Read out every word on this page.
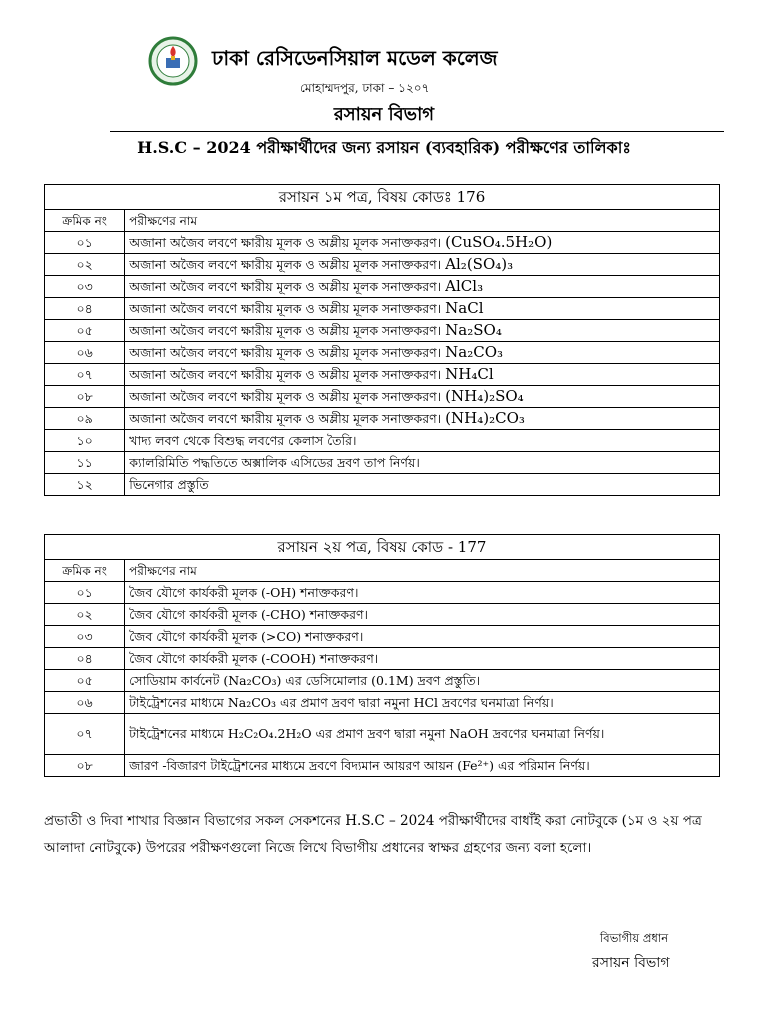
ঢাকা রেসিডেনসিয়াল মডেল কলেজ
মোহাম্মদপুর, ঢাকা – ১২০৭
রসায়ন বিভাগ
H.S.C – 2024 পরীক্ষার্থীদের জন্য রসায়ন (ব্যবহারিক) পরীক্ষণের তালিকাঃ
রসায়ন ১ম পত্র, বিষয় কোডঃ 176	
ক্রমিক নং	পরীক্ষণের নাম
০১	অজানা অজৈব লবণে ক্ষারীয় মূলক ও অম্লীয় মূলক সনাক্তকরণ। (CuSO₄.5H₂O)
০২	অজানা অজৈব লবণে ক্ষারীয় মূলক ও অম্লীয় মূলক সনাক্তকরণ। Al₂(SO₄)₃
০৩	অজানা অজৈব লবণে ক্ষারীয় মূলক ও অম্লীয় মূলক সনাক্তকরণ। AlCl₃
০৪	অজানা অজৈব লবণে ক্ষারীয় মূলক ও অম্লীয় মূলক সনাক্তকরণ। NaCl
০৫	অজানা অজৈব লবণে ক্ষারীয় মূলক ও অম্লীয় মূলক সনাক্তকরণ। Na₂SO₄
০৬	অজানা অজৈব লবণে ক্ষারীয় মূলক ও অম্লীয় মূলক সনাক্তকরণ। Na₂CO₃
০৭	অজানা অজৈব লবণে ক্ষারীয় মূলক ও অম্লীয় মূলক সনাক্তকরণ। NH₄Cl
০৮	অজানা অজৈব লবণে ক্ষারীয় মূলক ও অম্লীয় মূলক সনাক্তকরণ। (NH₄)₂SO₄
০৯	অজানা অজৈব লবণে ক্ষারীয় মূলক ও অম্লীয় মূলক সনাক্তকরণ। (NH₄)₂CO₃
১০	খাদ্য লবণ থেকে বিশুদ্ধ লবণের কেলাস তৈরি।
১১	ক্যালরিমিতি পদ্ধতিতে অক্সালিক এসিডের দ্রবণ তাপ নির্ণয়।
১২	ভিনেগার প্রস্তুতি
রসায়ন ২য় পত্র, বিষয় কোড - 177	
ক্রমিক নং	পরীক্ষণের নাম
০১	জৈব যৌগে কার্যকরী মূলক (-OH) শনাক্তকরণ।
০২	জৈব যৌগে কার্যকরী মূলক (-CHO) শনাক্তকরণ।
০৩	জৈব যৌগে কার্যকরী মূলক (>CO) শনাক্তকরণ।
০৪	জৈব যৌগে কার্যকরী মূলক (-COOH) শনাক্তকরণ।
০৫	সোডিয়াম কার্বনেট (Na₂CO₃) এর ডেসিমোলার (0.1M) দ্রবণ প্রস্তুতি।
০৬	টাইট্রেশনের মাধ্যমে Na₂CO₃ এর প্রমাণ দ্রবণ দ্বারা নমুনা HCl দ্রবণের ঘনমাত্রা নির্ণয়।
০৭	টাইট্রেশনের মাধ্যমে H₂C₂O₄.2H₂O এর প্রমাণ দ্রবণ দ্বারা নমুনা NaOH দ্রবণের ঘনমাত্রা নির্ণয়।
০৮	জারণ -বিজারণ টাইট্রেশনের মাধ্যমে দ্রবণে বিদ্যমান আয়রণ আয়ন (Fe²⁺) এর পরিমান নির্ণয়।
প্রভাতী ও দিবা শাখার বিজ্ঞান বিভাগের সকল সেকশনের H.S.C – 2024 পরীক্ষার্থীদের বাধাঁই করা নোটবুকে (১ম ও ২য় পত্র আলাদা নোটবুকে) উপরের পরীক্ষণগুলো নিজে লিখে বিভাগীয় প্রধানের স্বাক্ষর গ্রহণের জন্য বলা হলো।
বিভাগীয় প্রধান
রসায়ন বিভাগ
